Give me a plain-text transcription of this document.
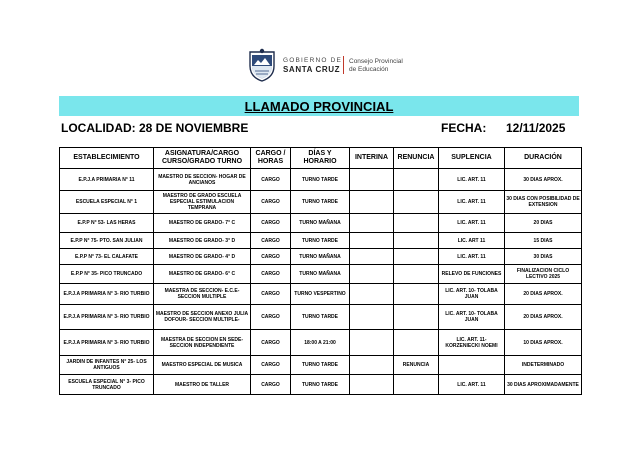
GOBIERNO DE
SANTA CRUZ
Consejo Provincial
de Educación
LLAMADO PROVINCIAL
LOCALIDAD: 28 DE NOVIEMBRE	FECHA: 12/11/2025
ESTABLECIMIENTO	ASIGNATURA/CARGO CURSO/GRADO TURNO	CARGO / HORAS	DÍAS Y HORARIO	INTERINA	RENUNCIA	SUPLENCIA	DURACIÓN
E.P.J.A PRIMARIA N° 11	MAESTRO DE SECCION- HOGAR DE ANCIANOS	CARGO	TURNO TARDE			LIC. ART. 11	30 DIAS APROX.
ESCUELA ESPECIAL N° 1	MAESTRO DE GRADO ESCUELA ESPECIAL ESTIMULACION TEMPRANA	CARGO	TURNO TARDE			LIC. ART. 11	30 DIAS CON POSIBILIDAD DE EXTENSION
E.P.P N° 53- LAS HERAS	MAESTRO DE GRADO- 7° C	CARGO	TURNO MAÑANA			LIC. ART. 11	20 DIAS
E.P.P N° 75- PTO. SAN JULIAN	MAESTRO DE GRADO- 3° D	CARGO	TURNO TARDE			LIC. ART 11	15 DIAS
E.P.P N° 73- EL CALAFATE	MAESTRO DE GRADO- 4° D	CARGO	TURNO MAÑANA			LIC. ART. 11	30 DIAS
E.P.P N° 35- PICO TRUNCADO	MAESTRO DE GRADO- 6° C	CARGO	TURNO MAÑANA			RELEVO DE FUNCIONES	FINALIZACION CICLO LECTIVO 2025
E.P.J.A PRIMARIA N° 3- RIO TURBIO	MAESTRA DE SECCION- E.C.E- SECCION MULTIPLE	CARGO	TURNO VESPERTINO			LIC. ART. 10- TOLABA JUAN	20 DIAS APROX.
E.P.J.A PRIMARIA N° 3- RIO TURBIO	MAESTRO DE SECCION ANEXO JULIA DOFOUR- SECCION MULTIPLE-	CARGO	TURNO TARDE			LIC. ART. 10- TOLABA JUAN	20 DIAS APROX.
E.P.J.A PRIMARIA N° 3- RIO TURBIO	MAESTRA DE SECCION EN SEDE- SECCION INDEPENDIENTE	CARGO	18:00 A 21:00			LIC. ART. 11- KORZENIECKI NOEMI	10 DIAS APROX.
JARDIN DE INFANTES N° 25- LOS ANTIGUOS	MAESTRO ESPECIAL DE MUSICA	CARGO	TURNO TARDE		RENUNCIA		INDETERMINADO
ESCUELA ESPECIAL N° 3- PICO TRUNCADO	MAESTRO DE TALLER	CARGO	TURNO TARDE			LIC. ART. 11	30 DIAS APROXIMADAMENTE
